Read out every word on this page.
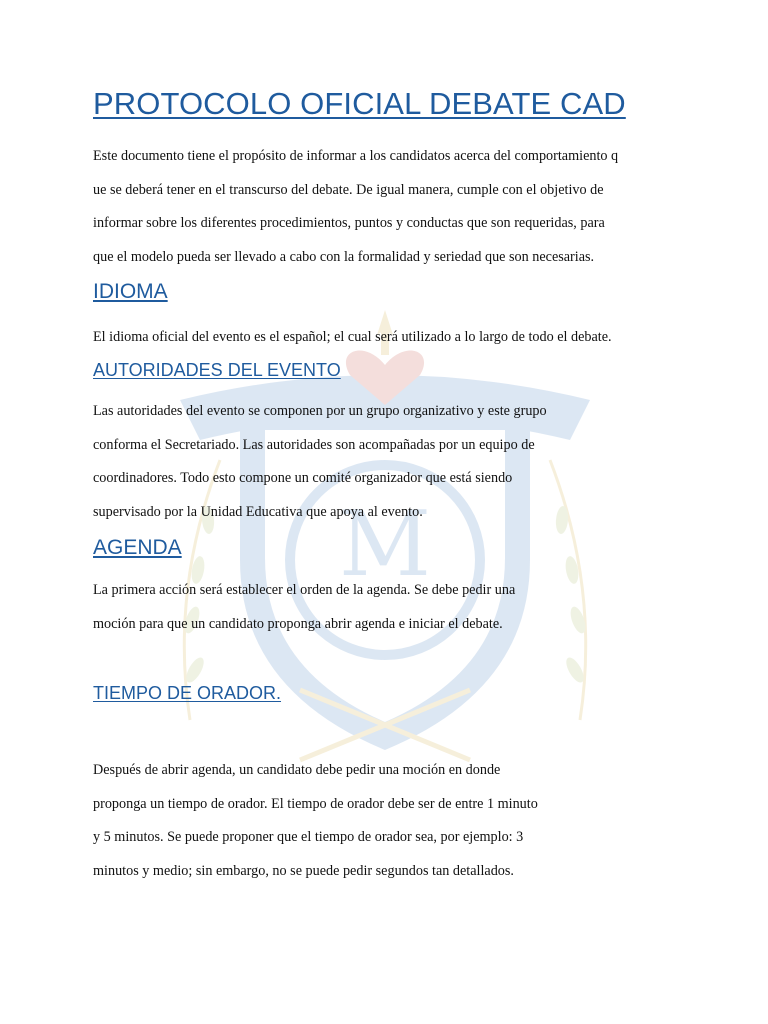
M
PROTOCOLO OFICIAL DEBATE CAD
Este documento tiene el propósito de informar a los candidatos acerca del comportamiento q
ue se deberá tener en el transcurso del debate. De igual manera, cumple con el objetivo de
informar sobre los diferentes procedimientos, puntos y conductas que son requeridas, para
que el modelo pueda ser llevado a cabo con la formalidad y seriedad que son necesarias.
IDIOMA
El idioma oficial del evento es el español; el cual será utilizado a lo largo de todo el debate.
AUTORIDADES DEL EVENTO
Las autoridades del evento se componen por un grupo organizativo y este grupo
conforma el Secretariado. Las autoridades son acompañadas por un equipo de
coordinadores. Todo esto compone un comité organizador que está siendo
supervisado por la Unidad Educativa que apoya al evento.
AGENDA
La primera acción será establecer el orden de la agenda. Se debe pedir una
moción para que un candidato proponga abrir agenda e iniciar el debate.
TIEMPO DE ORADOR.
Después de abrir agenda, un candidato debe pedir una moción en donde
proponga un tiempo de orador. El tiempo de orador debe ser de entre 1 minuto
y 5 minutos. Se puede proponer que el tiempo de orador sea, por ejemplo: 3
minutos y medio; sin embargo, no se puede pedir segundos tan detallados.
